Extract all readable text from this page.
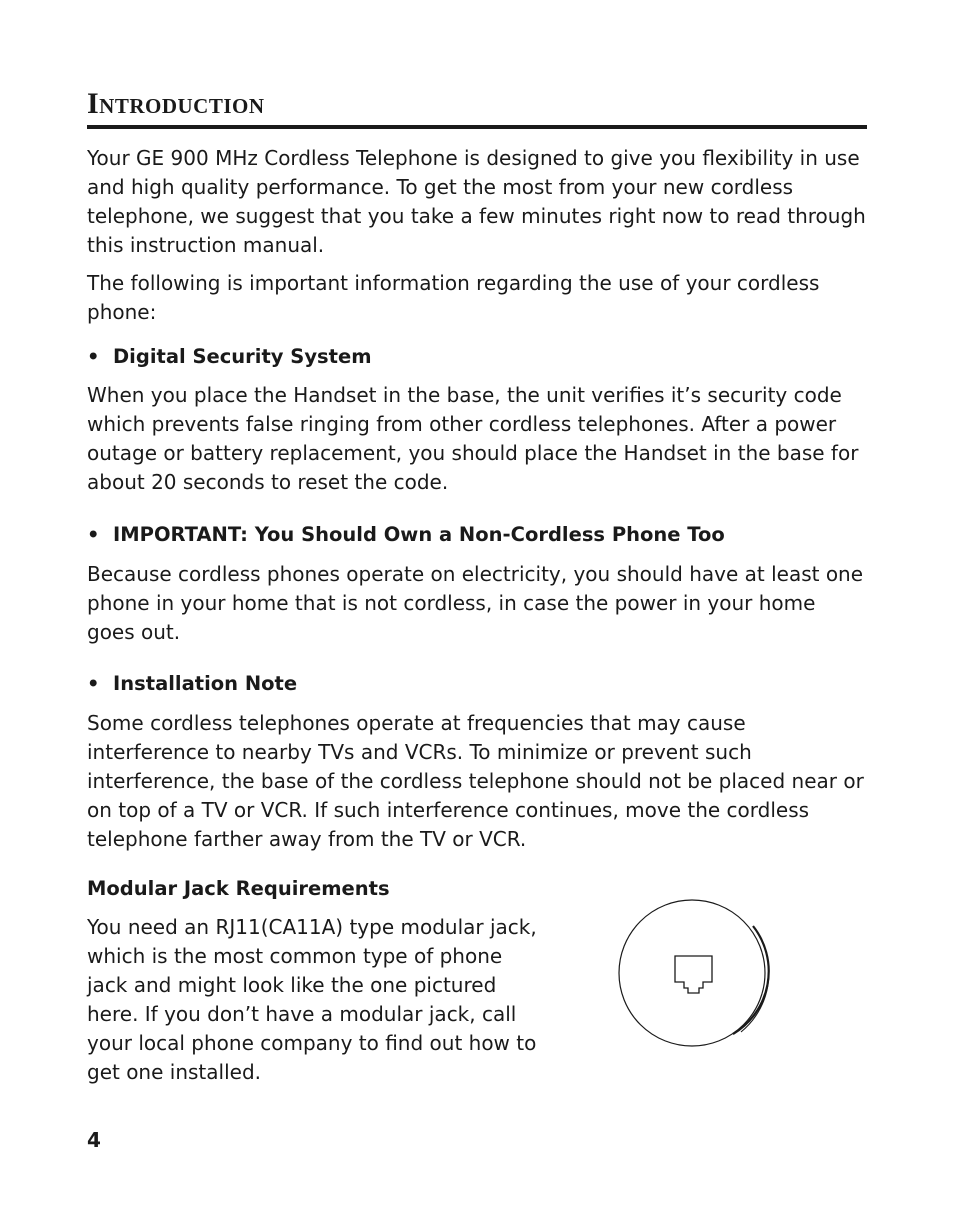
Introduction

Your GE 900 MHz Cordless Telephone is designed to give you flexibility in use and high quality performance. To get the most from your new cordless telephone, we suggest that you take a few minutes right now to read through this instruction manual.

The following is important information regarding the use of your cordless phone:

• Digital Security System

When you place the Handset in the base, the unit verifies it’s security code which prevents false ringing from other cordless telephones. After a power outage or battery replacement, you should place the Handset in the base for about 20 seconds to reset the code.

• IMPORTANT: You Should Own a Non-Cordless Phone Too

Because cordless phones operate on electricity, you should have at least one phone in your home that is not cordless, in case the power in your home goes out.

• Installation Note

Some cordless telephones operate at frequencies that may cause interference to nearby TVs and VCRs. To minimize or prevent such interference, the base of the cordless telephone should not be placed near or on top of a TV or VCR. If such interference continues, move the cordless telephone farther away from the TV or VCR.

Modular Jack Requirements

You need an RJ11(CA11A) type modular jack, which is the most common type of phone jack and might look like the one pictured here. If you don’t have a modular jack, call your local phone company to find out how to get one installed.

4
